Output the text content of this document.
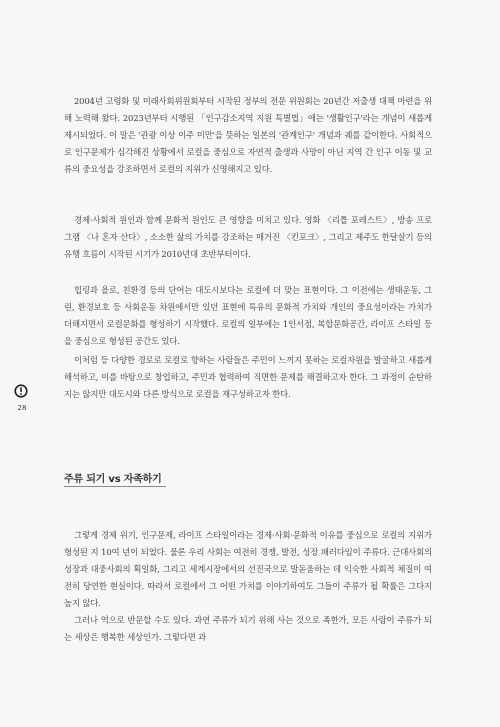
2004년 고령화 및 미래사회위원회부터 시작된 정부의 전문 위원회는 20년간 저출생 대책 마련을 위해 노력해 왔다. 2023년부터 시행된 「인구감소지역 지원 특별법」에는 '생활인구'라는 개념이 새롭게 제시되었다. 이 말은 '관광 이상 이주 미만'을 뜻하는 일본의 '관계인구' 개념과 궤를 같이한다. 사회적으로 인구문제가 심각해진 상황에서 로컬을 중심으로 자연적 출생과 사망이 아닌 지역 간 인구 이동 및 교류의 중요성을 강조하면서 로컬의 지위가 신명해지고 있다.

경제·사회적 원인과 함께 문화적 원인도 큰 영향을 미치고 있다. 영화 〈리틀 포레스트〉, 방송 프로그램 〈나 혼자 산다〉, 소소한 삶의 가치를 강조하는 매거진 〈킨포크〉, 그리고 제주도 한달살기 등의 유행 흐름이 시작된 시기가 2010년대 초반부터이다.

힙링과 욜로, 친환경 등의 단어는 대도시보다는 로컬에 더 맞는 표현이다. 그 이전에는 생태운동, 그린, 환경보호 등 사회운동 차원에서만 있던 표현에 특유의 문화적 가치와 개인의 중요성이라는 가치가 더해지면서 로컬문화를 형성하기 시작했다. 로컬의 일부에는 1인서점, 복합문화공간, 라이프 스타일 등을 중심으로 형성된 공간도 있다.

이처럼 등 다양한 경로로 로컬로 향하는 사람들은 주민이 느끼지 못하는 로컬자원을 발굴하고 새롭게 해석하고, 이를 바탕으로 창업하고, 주민과 협력하여 직면한 문제를 해결하고자 한다. 그 과정이 순탄하지는 않지만 대도시와 다른 방식으로 로컬을 재구성하고자 한다.

주류 되기 vs 자족하기

그렇게 경제 위기, 인구문제, 라이프 스타일이라는 경제·사회·문화적 이유를 중심으로 로컬의 지위가 형성된 지 10여 년이 되었다. 물론 우리 사회는 여전히 경쟁, 발전, 성장 패러다임이 주류다. 근대사회의 성장과 대중사회의 획일화, 그리고 세계시장에서의 선진국으로 발돋움하는 데 익숙한 사회적 체질이 여전히 당연한 현실이다. 따라서 로컬에서 그 어떤 가치를 이야기하여도 그들이 주류가 될 확률은 그다지 높지 않다.

그러나 역으로 반문할 수도 있다. 과연 주류가 되기 위해 사는 것으로 족한가, 모든 사람이 주류가 되는 세상은 행복한 세상인가. 그렇다면 과

28
